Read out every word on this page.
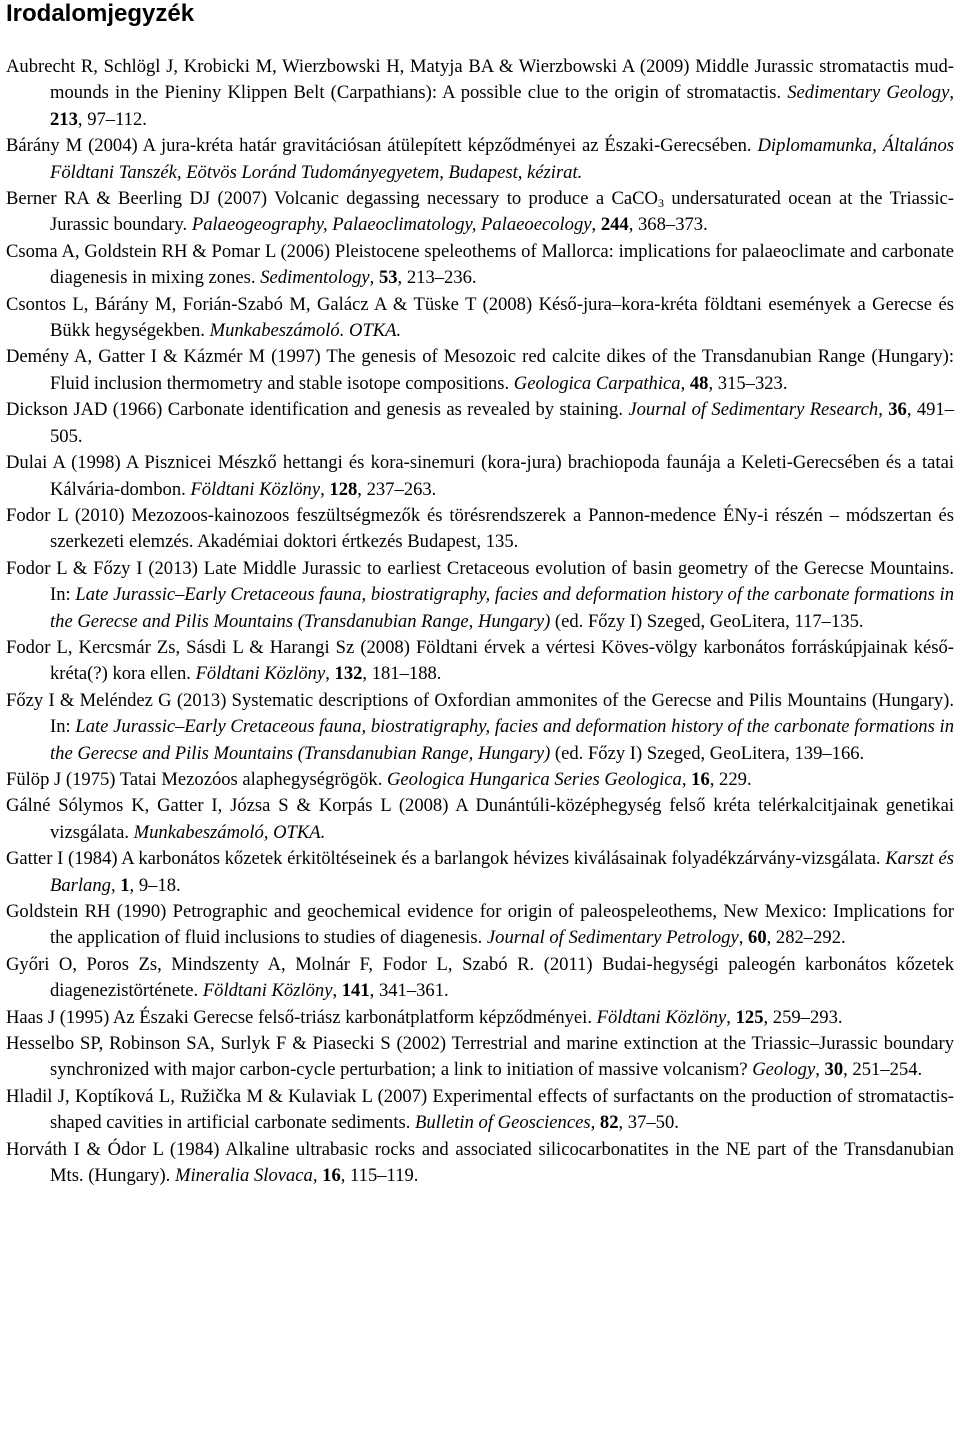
Irodalomjegyzék

Aubrecht R, Schlögl J, Krobicki M, Wierzbowski H, Matyja BA & Wierzbowski A (2009) Middle Jurassic stromatactis mud-mounds in the Pieniny Klippen Belt (Carpathians): A possible clue to the origin of stromatactis. Sedimentary Geology, 213, 97–112.

Bárány M (2004) A jura-kréta határ gravitációsan átülepített képződményei az Északi-Gerecsében. Diplomamunka, Általános Földtani Tanszék, Eötvös Loránd Tudományegyetem, Budapest, kézirat.

Berner RA & Beerling DJ (2007) Volcanic degassing necessary to produce a CaCO$_3$ undersaturated ocean at the Triassic-Jurassic boundary. Palaeogeography, Palaeoclimatology, Palaeoecology, 244, 368–373.

Csoma A, Goldstein RH & Pomar L (2006) Pleistocene speleothems of Mallorca: implications for palaeoclimate and carbonate diagenesis in mixing zones. Sedimentology, 53, 213–236.

Csontos L, Bárány M, Forián-Szabó M, Galácz A & Tüske T (2008) Késő-jura–kora-kréta földtani események a Gerecse és Bükk hegységekben. Munkabeszámoló. OTKA.

Demény A, Gatter I & Kázmér M (1997) The genesis of Mesozoic red calcite dikes of the Transdanubian Range (Hungary): Fluid inclusion thermometry and stable isotope compositions. Geologica Carpathica, 48, 315–323.

Dickson JAD (1966) Carbonate identification and genesis as revealed by staining. Journal of Sedimentary Research, 36, 491–505.

Dulai A (1998) A Pisznicei Mészkő hettangi és kora-sinemuri (kora-jura) brachiopoda faunája a Keleti-Gerecsében és a tatai Kálvária-dombon. Földtani Közlöny, 128, 237–263.

Fodor L (2010) Mezozoos-kainozoos feszültségmezők és törésrendszerek a Pannon-medence ÉNy-i részén – módszertan és szerkezeti elemzés. Akadémiai doktori értkezés Budapest, 135.

Fodor L & Főzy I (2013) Late Middle Jurassic to earliest Cretaceous evolution of basin geometry of the Gerecse Mountains. In: Late Jurassic–Early Cretaceous fauna, biostratigraphy, facies and deformation history of the carbonate formations in the Gerecse and Pilis Mountains (Transdanubian Range, Hungary) (ed. Főzy I) Szeged, GeoLitera, 117–135.

Fodor L, Kercsmár Zs, Sásdi L & Harangi Sz (2008) Földtani érvek a vértesi Köves-völgy karbonátos forráskúpjainak késő-kréta(?) kora ellen. Földtani Közlöny, 132, 181–188.

Főzy I & Meléndez G (2013) Systematic descriptions of Oxfordian ammonites of the Gerecse and Pilis Mountains (Hungary). In: Late Jurassic–Early Cretaceous fauna, biostratigraphy, facies and deformation history of the carbonate formations in the Gerecse and Pilis Mountains (Transdanubian Range, Hungary) (ed. Főzy I) Szeged, GeoLitera, 139–166.

Fülöp J (1975) Tatai Mezozóos alaphegységrögök. Geologica Hungarica Series Geologica, 16, 229.

Gálné Sólymos K, Gatter I, Józsa S & Korpás L (2008) A Dunántúli-középhegység felső kréta telérkalcitjainak genetikai vizsgálata. Munkabeszámoló, OTKA.

Gatter I (1984) A karbonátos kőzetek érkitöltéseinek és a barlangok hévizes kiválásainak folyadékzárvány-vizsgálata. Karszt és Barlang, 1, 9–18.

Goldstein RH (1990) Petrographic and geochemical evidence for origin of paleospeleothems, New Mexico: Implications for the application of fluid inclusions to studies of diagenesis. Journal of Sedimentary Petrology, 60, 282–292.

Győri O, Poros Zs, Mindszenty A, Molnár F, Fodor L, Szabó R. (2011) Budai-hegységi paleogén karbonátos kőzetek diagenezistörténete. Földtani Közlöny, 141, 341–361.

Haas J (1995) Az Északi Gerecse felső-triász karbonátplatform képződményei. Földtani Közlöny, 125, 259–293.

Hesselbo SP, Robinson SA, Surlyk F & Piasecki S (2002) Terrestrial and marine extinction at the Triassic–Jurassic boundary synchronized with major carbon-cycle perturbation; a link to initiation of massive volcanism? Geology, 30, 251–254.

Hladil J, Koptíková L, Ružička M & Kulaviak L (2007) Experimental effects of surfactants on the production of stromatactis-shaped cavities in artificial carbonate sediments. Bulletin of Geosciences, 82, 37–50.

Horváth I & Ódor L (1984) Alkaline ultrabasic rocks and associated silicocarbonatites in the NE part of the Transdanubian Mts. (Hungary). Mineralia Slovaca, 16, 115–119.
